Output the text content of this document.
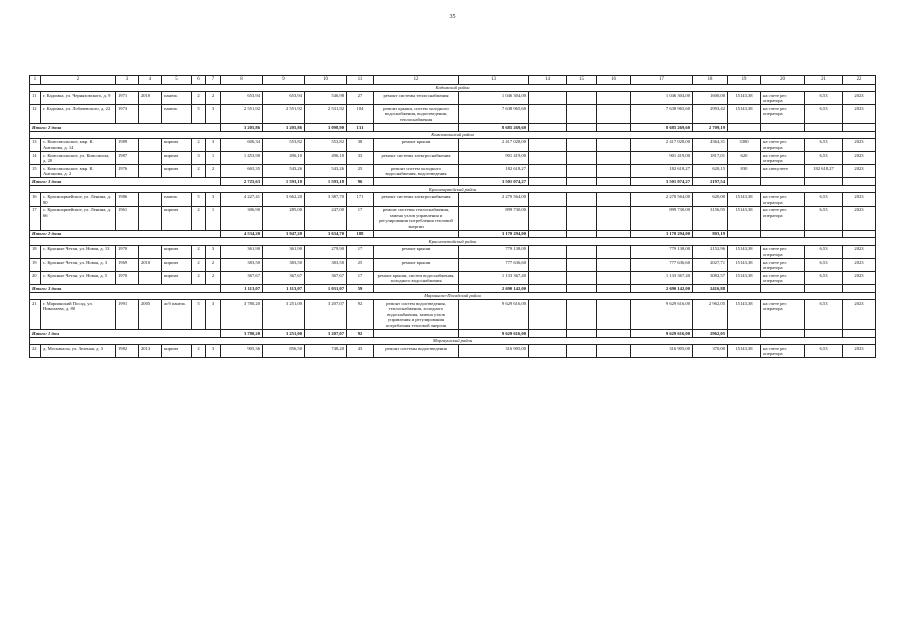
35
1	2	3	4	5	6	7	8	9	10	11	12	13	14	15	16	17	18	19	20	21	22
Кадомский район																					
11	г. Кадомка, ул. Черняховского, д. 9	1971	2010	панель	2	2	653,94	653,94	546,98	27	ремонт системы теплоснабжения	1 046 304,00				1 046 304,00	1600,00	15143,38	на счете рег. оператора	6,53	2023
12	г. Кадомка, ул. Лобачевского, д. 22	1973		панель	5	3	2 551,92	2 551,92	2 531,92	104	ремонт крыши, систем холодного водоснабжения, водоотведения, теплоснабжения	7 638 965,60				7 638 965,60	2993,42	15143,38	на счете рег. оператора	6,53	2023
Итого: 2 дома							3 205,86	3 205,86	3 098,90	131		8 685 269,60				8 685 269,60	2 709,19				
Комсомольский район																					
13	с. Комсомольское, мкр. К. Антонова, д. 14	1989		кирпич	2	3	606,34	553,82	553,82	38	ремонт крыши	2 417 028,00				2 417 028,00	4364,31	3380	на счете рег. оператора	6,53	2023
14	с. Комсомольское, ул. Комсомола, д. 20	1987		кирпич	3	1	1 453,90	496,10	496,10	33	ремонт системы электроснабжения	901 419,00				901 419,00	1817,01	620	на счете рег. оператора	6,53	2023
15	с. Комсомольское, мкр. К. Антонова, д. 2	1976		кирпич	2	2	665,35	543,26	543,26	25	ремонт систем холодного водоснабжения, водоотведения	182 618,27				182 618,27	620,15	830	на спецсчете	182 618,27	2023
Итого: 3 дома							2 725,63	1 593,18	1 593,18	96		3 501 074,27				3 501 074,27	2197,54				
Красноармейский район																					
16	с. Красноармейское, ул. Ленина, д. 80	1986		панель	5	3	4 227,41	3 662,20	3 387,70	171	ремонт системы электроснабжения	2 270 564,00				2 270 564,00	620,00	15143,38	на счете рег. оператора	6,53	2023
17	с. Красноармейское, ул. Ленина, д. 66	1961		кирпич	2	1	306,90	285,00	247,00	17	ремонт системы теплоснабжения, замена узлов управления и регулирования потребления тепловой энергии	899 730,00				899 730,00	3156,95	15143,38	на счете рег. оператора	6,53	2023
Итого: 2 дома							4 534,20	3 947,20	3 634,70	188		3 170 294,00				3 170 294,00	803,19				
Красночетайский район																					
18	с. Красные Четаи, ул. Новая, д. 13	1970		кирпич	2	3	361,90	361,90	279,90	17	ремонт крыши	779 138,00				779 138,00	2152,96	15143,38	на счете рег. оператора	6,53	2023
19	с. Красные Четаи, ул. Новая, д. 3	1969	2010	кирпич	2	2	383,50	383,50	383,50	25	ремонт крыши	777 636,60				777 636,60	2027,71	15143,38	на счете рег. оператора	6,53	2023
20	с. Красные Четаи, ул. Новая, д. 5	1970		кирпич	2	2	367,67	367,67	367,67	17	ремонт крыши, систем водоснабжения, холодного водоснабжения	1 133 367,40				1 133 367,40	3082,57	15143,38	на счете рег. оператора	6,53	2023
Итого: 3 дома							1 113,07	1 113,07	1 031,07	59		2 690 142,00				2 690 142,00	2416,88				
Мариинско-Посадский район																					
21	г. Мариинский Посад, ул. Николаева, д. 80	1991	2005	ж/б панель	5	3	3 780,20	3 251,00	3 207,07	92	ремонт систем водоотведения, теплоснабжения, холодного водоснабжения, замена узлов управления и регулирования потребления тепловой энергии	9 629 616,00				9 629 616,00	2 962,05	15143,38	на счете рег. оператора	6,53	2023
Итого: 1 дом							3 780,20	3 251,00	3 207,07	92		9 629 616,00				9 629 616,00	2962,05				
Моргаушский район																					
22	д. Москакасы, ул. Зеленая, д. 3	1982	2013	кирпич	2	3	905,36	856,50	748,20	43	ремонт системы водоотведения	316 905,00				316 905,00	370,00	15143,38	на счете рег. оператора	6,53	2023
